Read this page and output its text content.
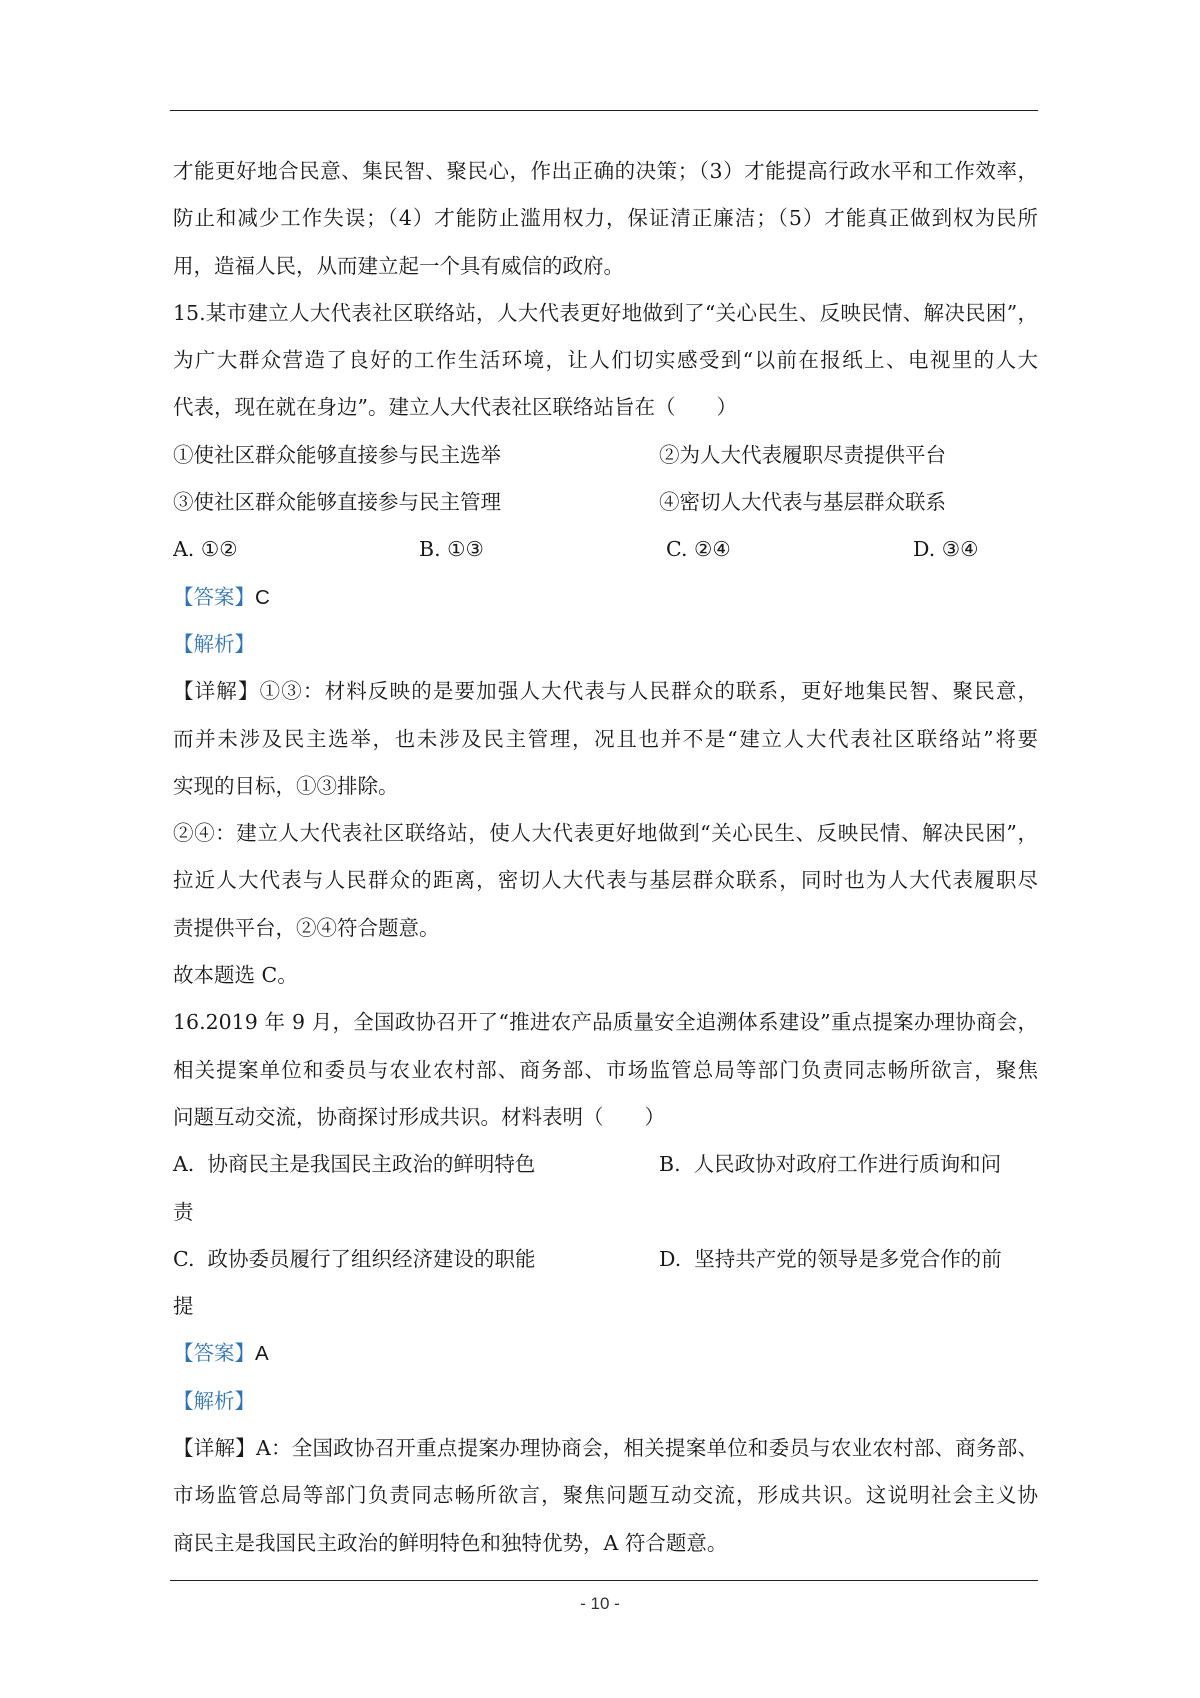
才能更好地合民意、集民智、聚民心，作出正确的决策；（3）才能提高行政水平和工作效率，
防止和减少工作失误；（4）才能防止滥用权力，保证清正廉洁；（5）才能真正做到权为民所
用，造福人民，从而建立起一个具有威信的政府。
15.某市建立人大代表社区联络站，人大代表更好地做到了“关心民生、反映民情、解决民困”，
为广大群众营造了良好的工作生活环境，让人们切实感受到“以前在报纸上、电视里的人大
代表，现在就在身边”。建立人大代表社区联络站旨在（　　）
①使社区群众能够直接参与民主选举	②为人大代表履职尽责提供平台
③使社区群众能够直接参与民主管理	④密切人大代表与基层群众联系
A. ①②	B. ①③	C. ②④	D. ③④
【答案】C
【解析】
【详解】①③：材料反映的是要加强人大代表与人民群众的联系，更好地集民智、聚民意，
而并未涉及民主选举，也未涉及民主管理，况且也并不是“建立人大代表社区联络站”将要
实现的目标，①③排除。
②④：建立人大代表社区联络站，使人大代表更好地做到“关心民生、反映民情、解决民困”，
拉近人大代表与人民群众的距离，密切人大代表与基层群众联系，同时也为人大代表履职尽
责提供平台，②④符合题意。
故本题选 C。
16.2019 年 9 月，全国政协召开了“推进农产品质量安全追溯体系建设”重点提案办理协商会，
相关提案单位和委员与农业农村部、商务部、市场监管总局等部门负责同志畅所欲言，聚焦
问题互动交流，协商探讨形成共识。材料表明（　　）
A. 协商民主是我国民主政治的鲜明特色	B. 人民政协对政府工作进行质询和问
责
C. 政协委员履行了组织经济建设的职能	D. 坚持共产党的领导是多党合作的前
提
【答案】A
【解析】
【详解】A：全国政协召开重点提案办理协商会，相关提案单位和委员与农业农村部、商务部、
市场监管总局等部门负责同志畅所欲言，聚焦问题互动交流，形成共识。这说明社会主义协
商民主是我国民主政治的鲜明特色和独特优势，A 符合题意。
- 10 -
